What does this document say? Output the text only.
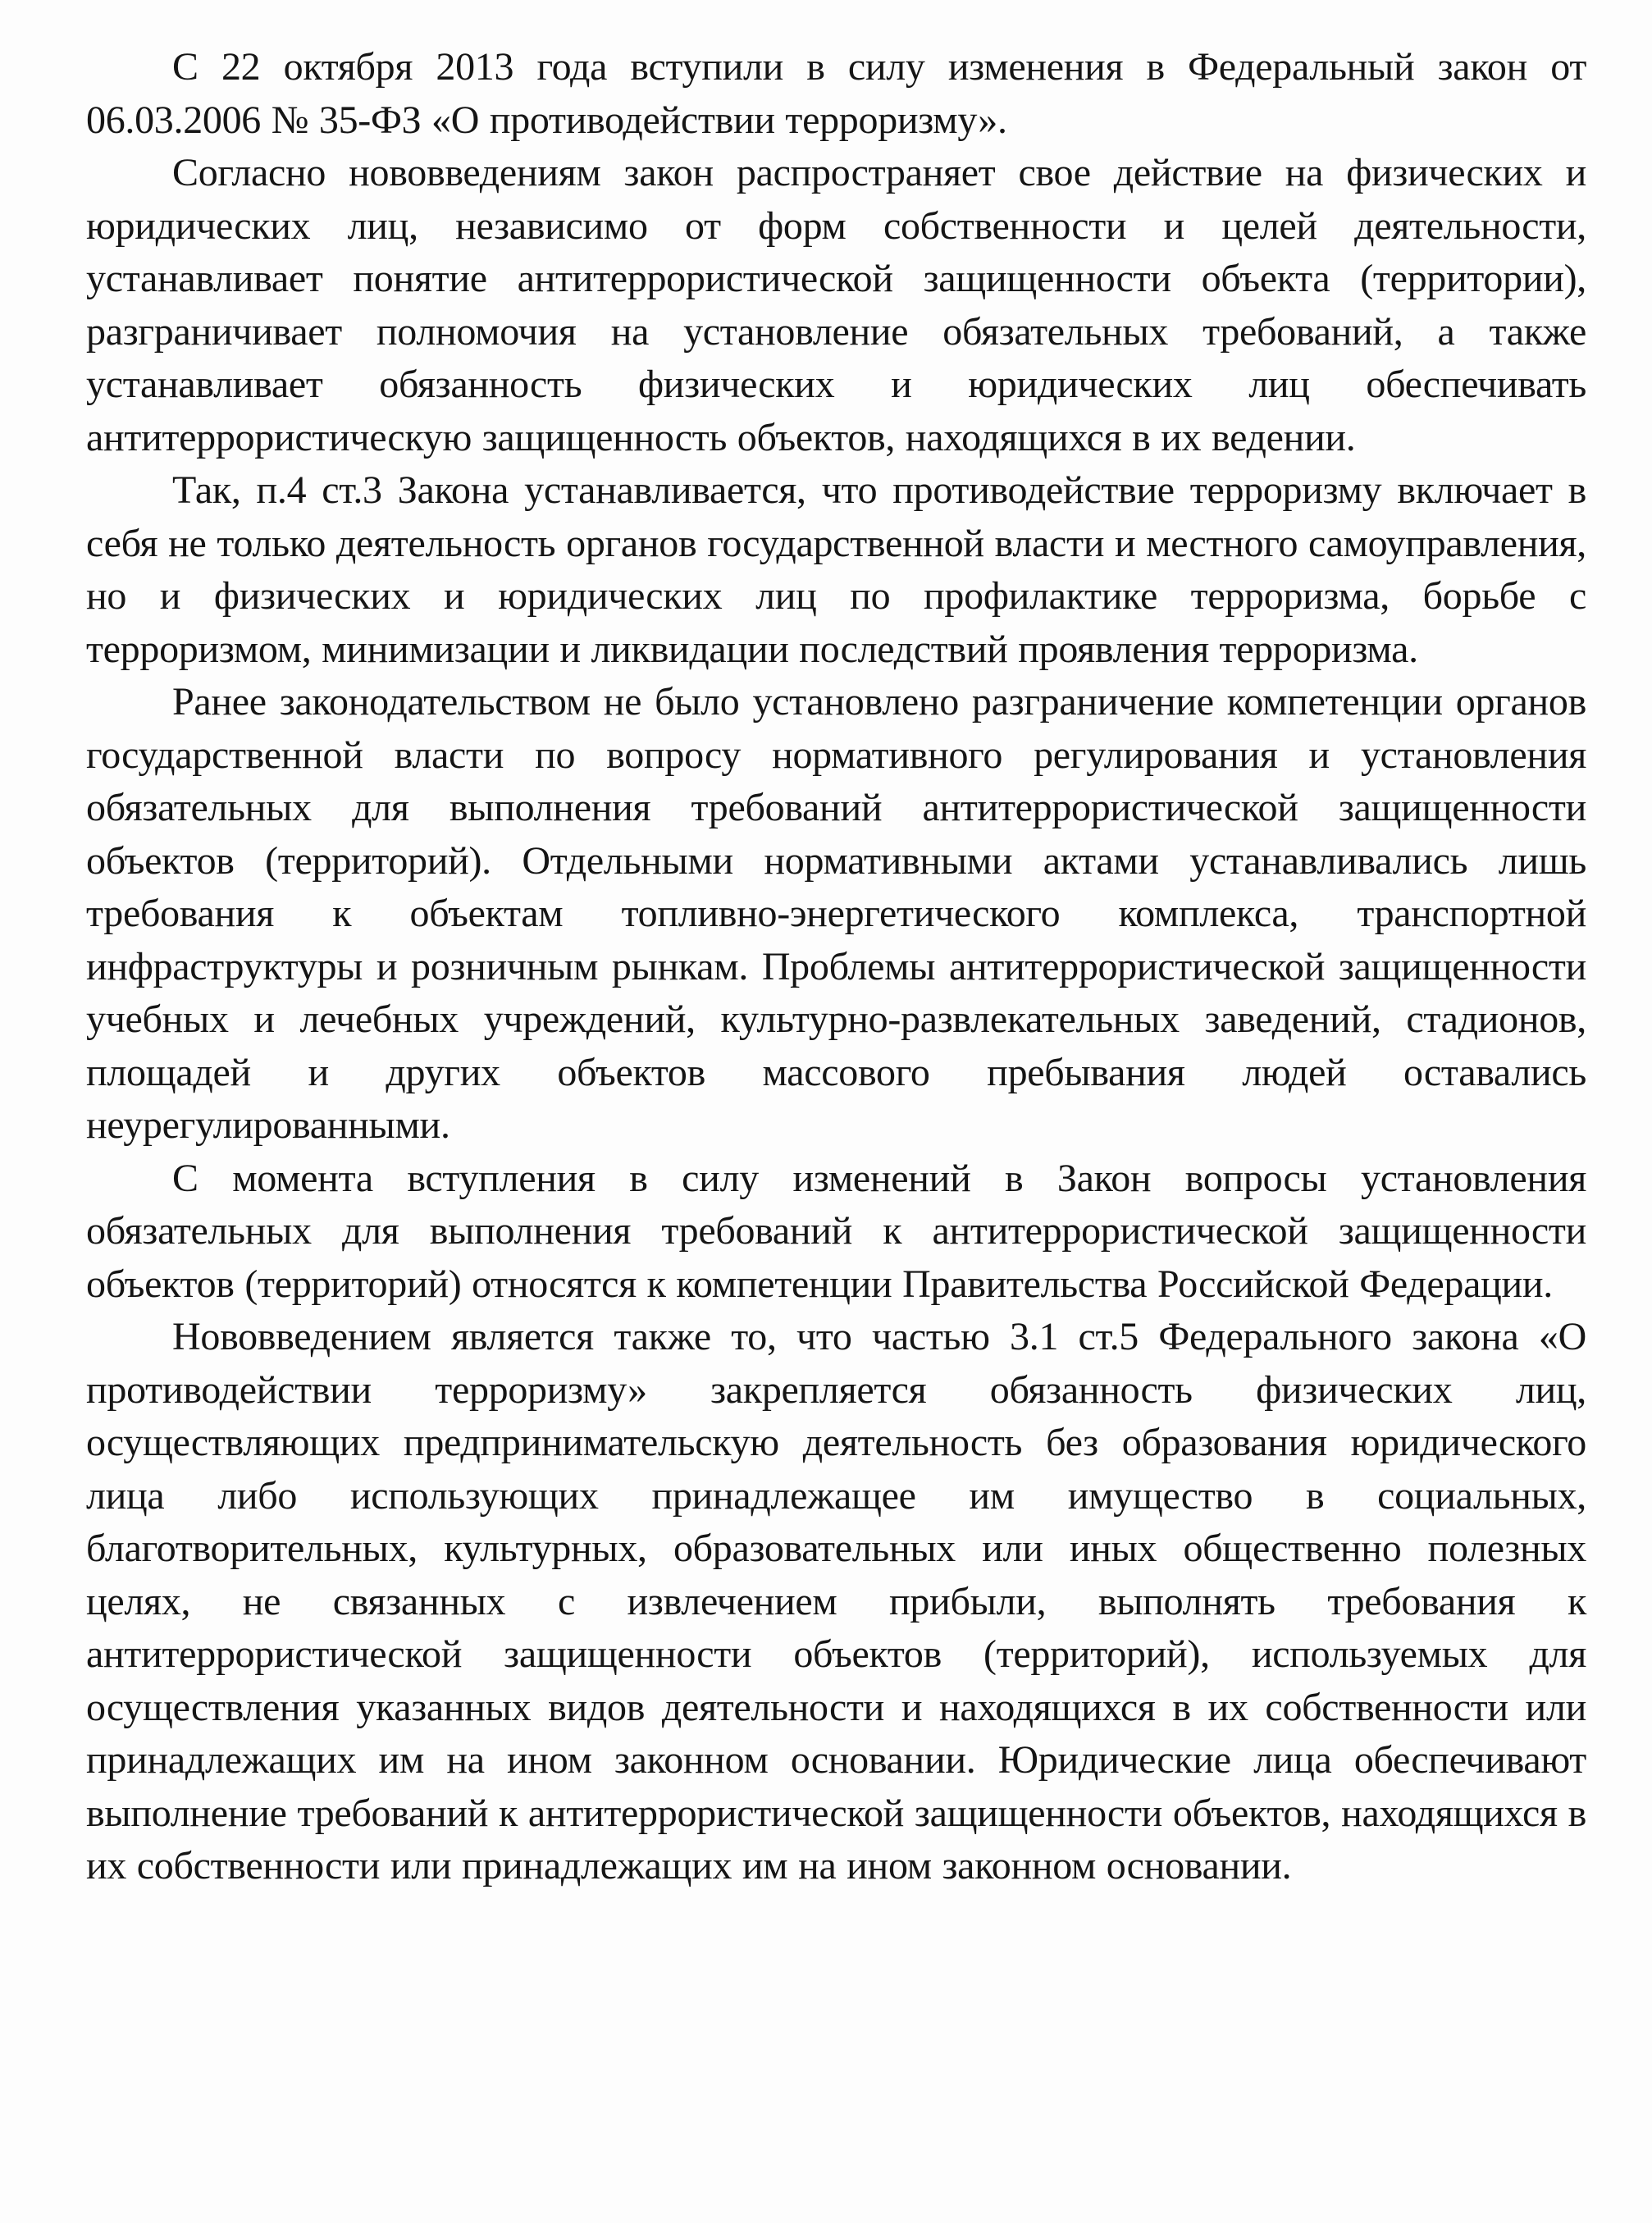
С 22 октября 2013 года вступили в силу изменения в Федеральный закон от 06.03.2006 № 35-ФЗ «О противодействии терроризму».

Согласно нововведениям закон распространяет свое действие на физических и юридических лиц, независимо от форм собственности и целей деятельности, устанавливает понятие антитеррористической защищенности объекта (территории), разграничивает полномочия на установление обязательных требований, а также устанавливает обязанность физических и юридических лиц обеспечивать антитеррористическую защищенность объектов, находящихся в их ведении.

Так, п.4 ст.3 Закона устанавливается, что противодействие терроризму включает в себя не только деятельность органов государственной власти и местного самоуправления, но и физических и юридических лиц по профилактике терроризма, борьбе с терроризмом, минимизации и ликвидации последствий проявления терроризма.

Ранее законодательством не было установлено разграничение компетенции органов государственной власти по вопросу нормативного регулирования и установления обязательных для выполнения требований антитеррористической защищенности объектов (территорий). Отдельными нормативными актами устанавливались лишь требования к объектам топливно-энергетического комплекса, транспортной инфраструктуры и розничным рынкам. Проблемы антитеррористической защищенности учебных и лечебных учреждений, культурно-развлекательных заведений, стадионов, площадей и других объектов массового пребывания людей оставались неурегулированными.

С момента вступления в силу изменений в Закон вопросы установления обязательных для выполнения требований к антитеррористической защищенности объектов (территорий) относятся к компетенции Правительства Российской Федерации.

Нововведением является также то, что частью 3.1 ст.5 Федерального закона «О противодействии терроризму» закрепляется обязанность физических лиц, осуществляющих предпринимательскую деятельность без образования юридического лица либо использующих принадлежащее им имущество в социальных, благотворительных, культурных, образовательных или иных общественно полезных целях, не связанных с извлечением прибыли, выполнять требования к антитеррористической защищенности объектов (территорий), используемых для осуществления указанных видов деятельности и находящихся в их собственности или принадлежащих им на ином законном основании. Юридические лица обеспечивают выполнение требований к антитеррористической защищенности объектов, находящихся в их собственности или принадлежащих им на ином законном основании.
